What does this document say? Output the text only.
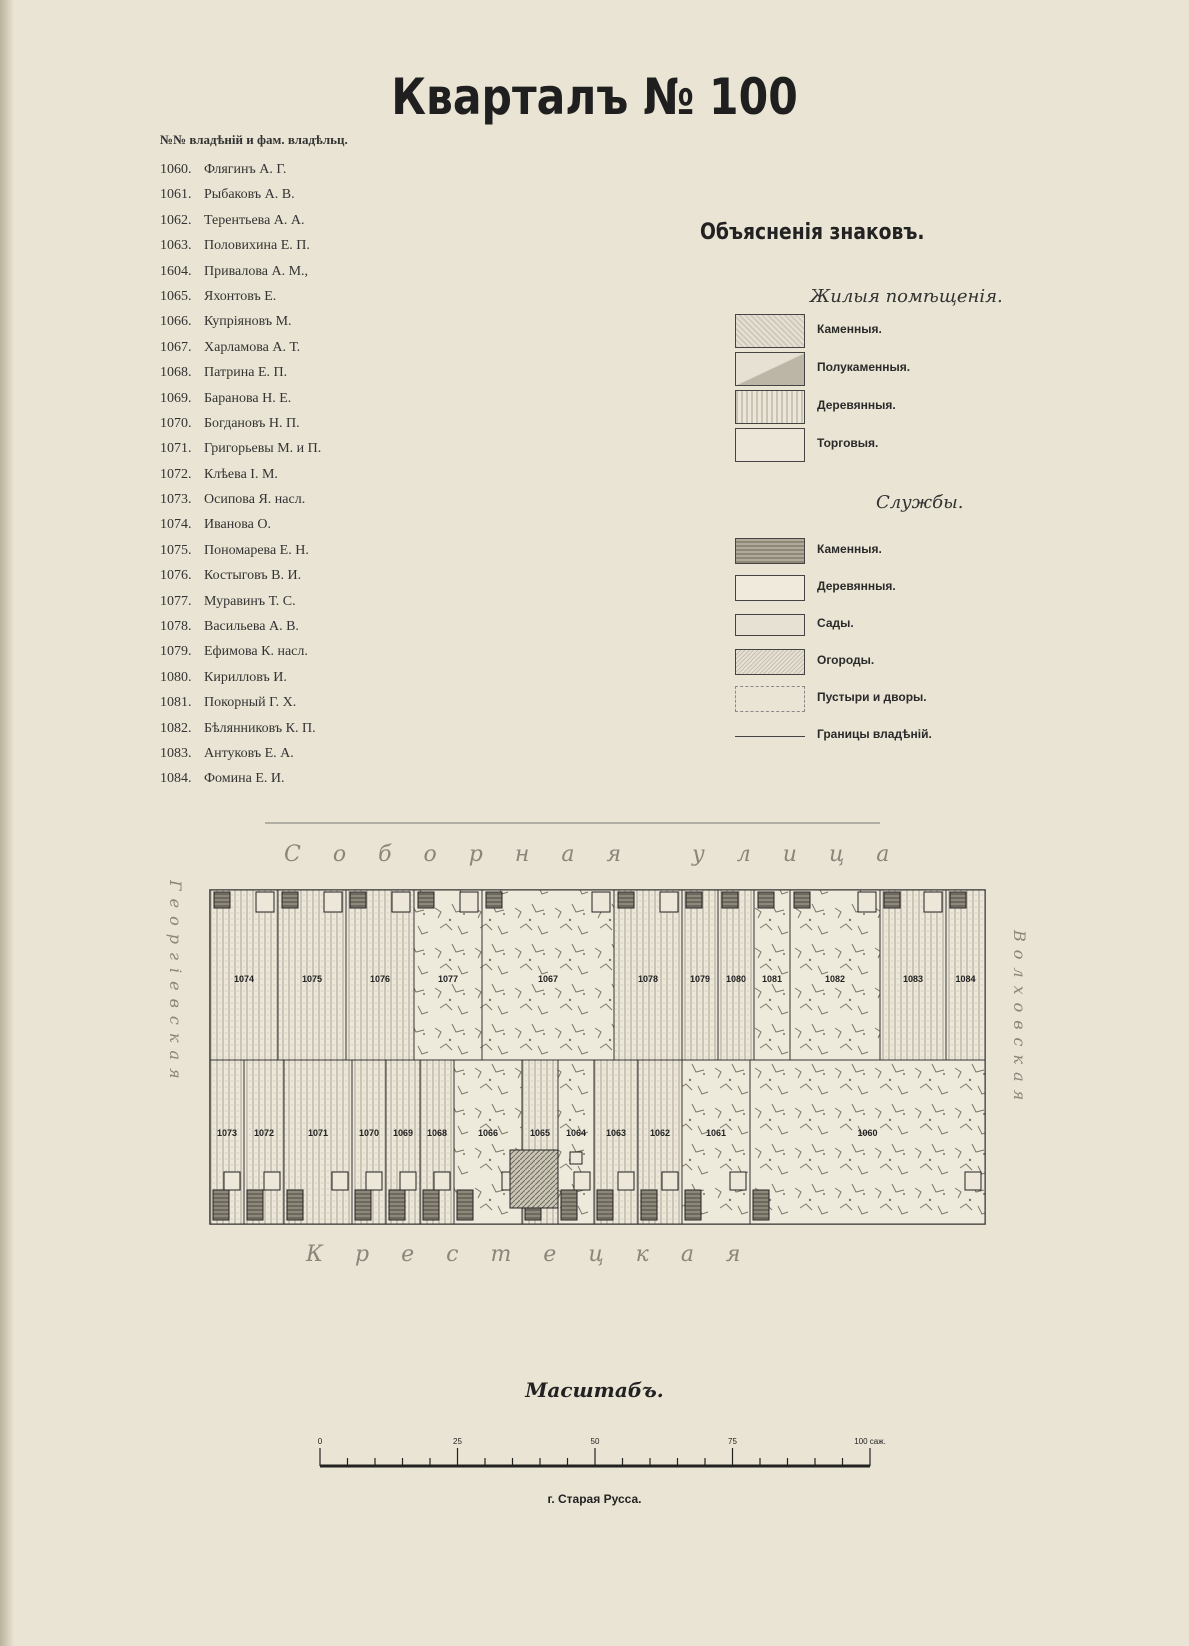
Кварталъ № 100
№№ владѣній и фам. владѣльц.
1060. Флягинъ А. Г.
1061. Рыбаковъ А. В.
1062. Терентьева А. А.
1063. Половихина Е. П.
1604. Привалова А. М.,
1065. Яхонтовъ Е.
1066. Купріяновъ М.
1067. Харламова А. Т.
1068. Патрина Е. П.
1069. Баранова Н. Е.
1070. Богдановъ Н. П.
1071. Григорьевы М. и П.
1072. Клѣева І. М.
1073. Осипова Я. насл.
1074. Иванова О.
1075. Пономарева Е. Н.
1076. Костыговъ В. И.
1077. Муравинъ Т. С.
1078. Васильева А. В.
1079. Ефимова К. насл.
1080. Кирилловъ И.
1081. Покорный Г. Х.
1082. Бѣлянниковъ К. П.
1083. Антуковъ Е. А.
1084. Фомина Е. И.
Объясненія знаковъ.
Жилыя помѣщенія.
Каменныя.
Полукаменныя.
Деревянныя.
Торговыя.
Службы.
Каменныя.
Деревянныя.
Сады.
Огороды.
Пустыри и дворы.
Границы владѣній.
Соборная улица
Крестецкая
Георгіевская	Волховская
1074	1075	1076	1077	1067	1078	1079 1080 1081	1082	1083	1084
1073 1072	1071	1070 1069 1068	1066	1065 1064 1063	1062	1061	1060
Масштабъ.
0	25	50	75	100 саж.
г. Старая Русса.
